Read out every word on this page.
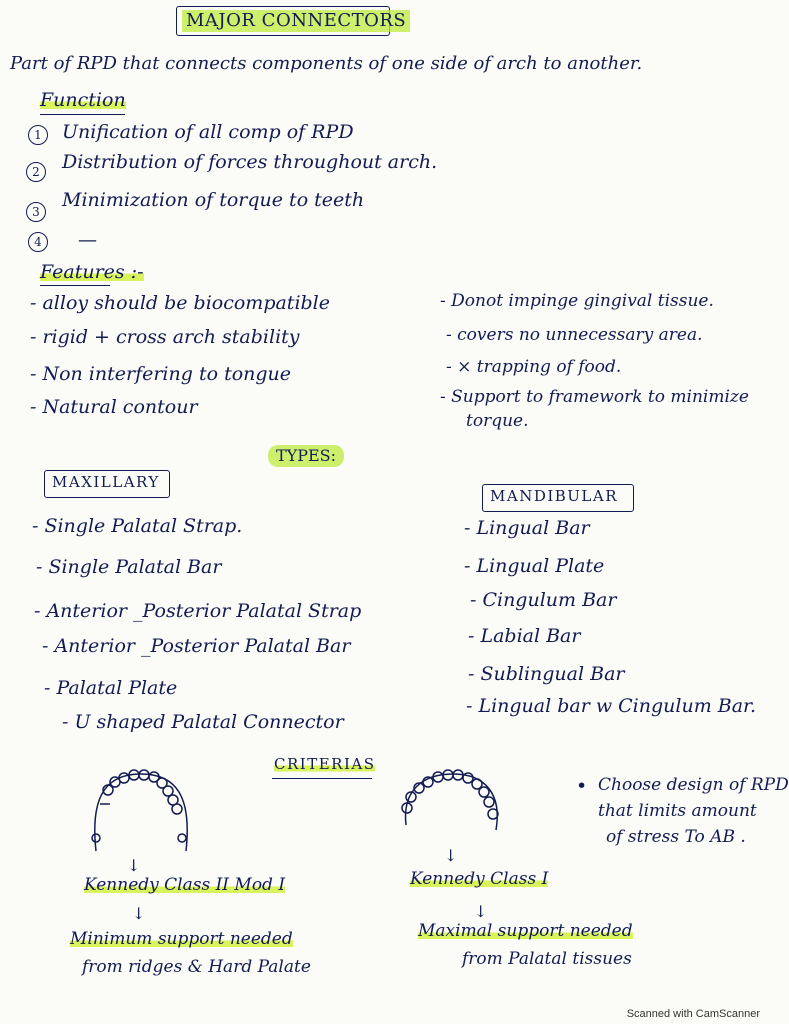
MAJOR CONNECTORS
Part of RPD that connects components of one side of arch to another.
Function
1	Unification of all comp of RPD
2	Distribution of forces throughout arch.
3
Minimization of torque to teeth
4	—
Features :-
- alloy should be biocompatible
- rigid + cross arch stability
- Non interfering to tongue
- Natural contour
- Donot impinge gingival tissue.
- covers no unnecessary area.
- × trapping of food.
- Support to framework to minimize
torque.
TYPES:
MAXILLARY
- Single Palatal Strap.
- Single Palatal Bar
- Anterior _Posterior Palatal Strap
- Anterior _Posterior Palatal Bar
- Palatal Plate
- U shaped Palatal Connector
MANDIBULAR
- Lingual Bar
- Lingual Plate
- Cingulum Bar
- Labial Bar
- Sublingual Bar
- Lingual bar w Cingulum Bar.
CRITERIAS
↓
↓
↓
↓
Kennedy Class II Mod I
Minimum support needed
from ridges & Hard Palate
Kennedy Class I
Maximal support needed
from Palatal tissues
• Choose design of RPD
that limits amount
of stress To AB .
Scanned with CamScanner
